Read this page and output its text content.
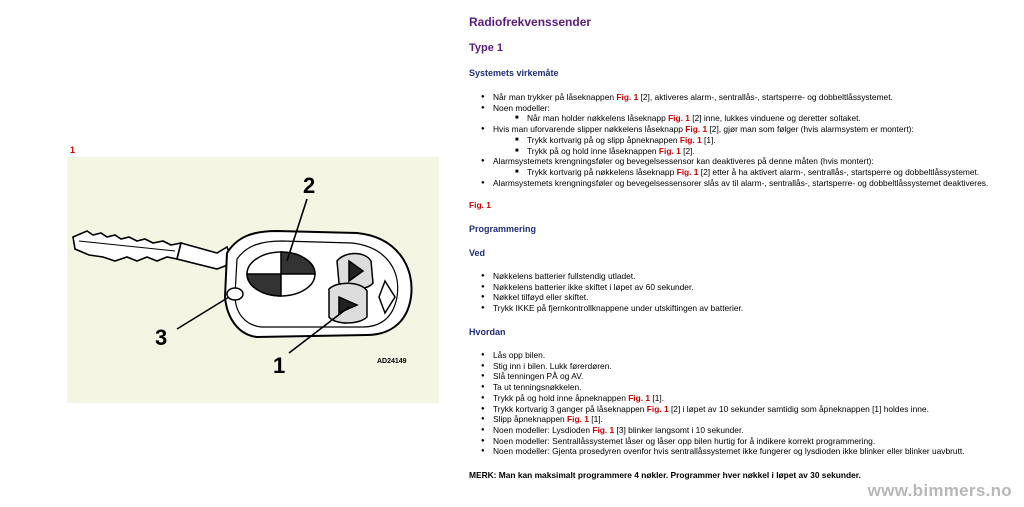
1
2
3
1	AD24149
Radiofrekvenssender
Type 1
Systemets virkemåte
● Når man trykker på låseknappen Fig. 1 [2], aktiveres alarm-, sentrallås-, startsperre- og dobbeltlåssystemet.
● Noen modeller:
■ Når man holder nøkkelens låseknapp Fig. 1 [2] inne, lukkes vinduene og deretter soltaket.
● Hvis man uforvarende slipper nøkkelens låseknapp Fig. 1 [2], gjør man som følger (hvis alarmsystem er montert):
■ Trykk kortvarig på og slipp åpneknappen Fig. 1 [1].
■ Trykk på og hold inne låseknappen Fig. 1 [2].
● Alarmsystemets krengningsføler og bevegelsessensor kan deaktiveres på denne måten (hvis montert):
■ Trykk kortvarig på nøkkelens låseknapp Fig. 1 [2] etter å ha aktivert alarm-, sentrallås-, startsperre og dobbeltlåssystemet.
● Alarmsystemets krengningsføler og bevegelsessensorer slås av til alarm-, sentrallås-, startsperre- og dobbeltlåssystemet deaktiveres.
Fig. 1
Programmering
Ved
● Nøkkelens batterier fullstendig utladet.
● Nøkkelens batterier ikke skiftet i løpet av 60 sekunder.
● Nøkkel tilføyd eller skiftet.
● Trykk IKKE på fjernkontrollknappene under utskiftingen av batterier.
Hvordan
● Lås opp bilen.
● Stig inn i bilen. Lukk førerdøren.
● Slå tenningen PÅ og AV.
● Ta ut tenningsnøkkelen.
● Trykk på og hold inne åpneknappen Fig. 1 [1].
● Trykk kortvarig 3 ganger på låseknappen Fig. 1 [2] i løpet av 10 sekunder samtidig som åpneknappen [1] holdes inne.
● Slipp åpneknappen Fig. 1 [1].
● Noen modeller: Lysdioden Fig. 1 [3] blinker langsomt i 10 sekunder.
● Noen modeller: Sentrallåssystemet låser og låser opp bilen hurtig for å indikere korrekt programmering.
● Noen modeller: Gjenta prosedyren ovenfor hvis sentrallåssystemet ikke fungerer og lysdioden ikke blinker eller blinker uavbrutt.
MERK: Man kan maksimalt programmere 4 nøkler. Programmer hver nøkkel i løpet av 30 sekunder.
www.bimmers.no
